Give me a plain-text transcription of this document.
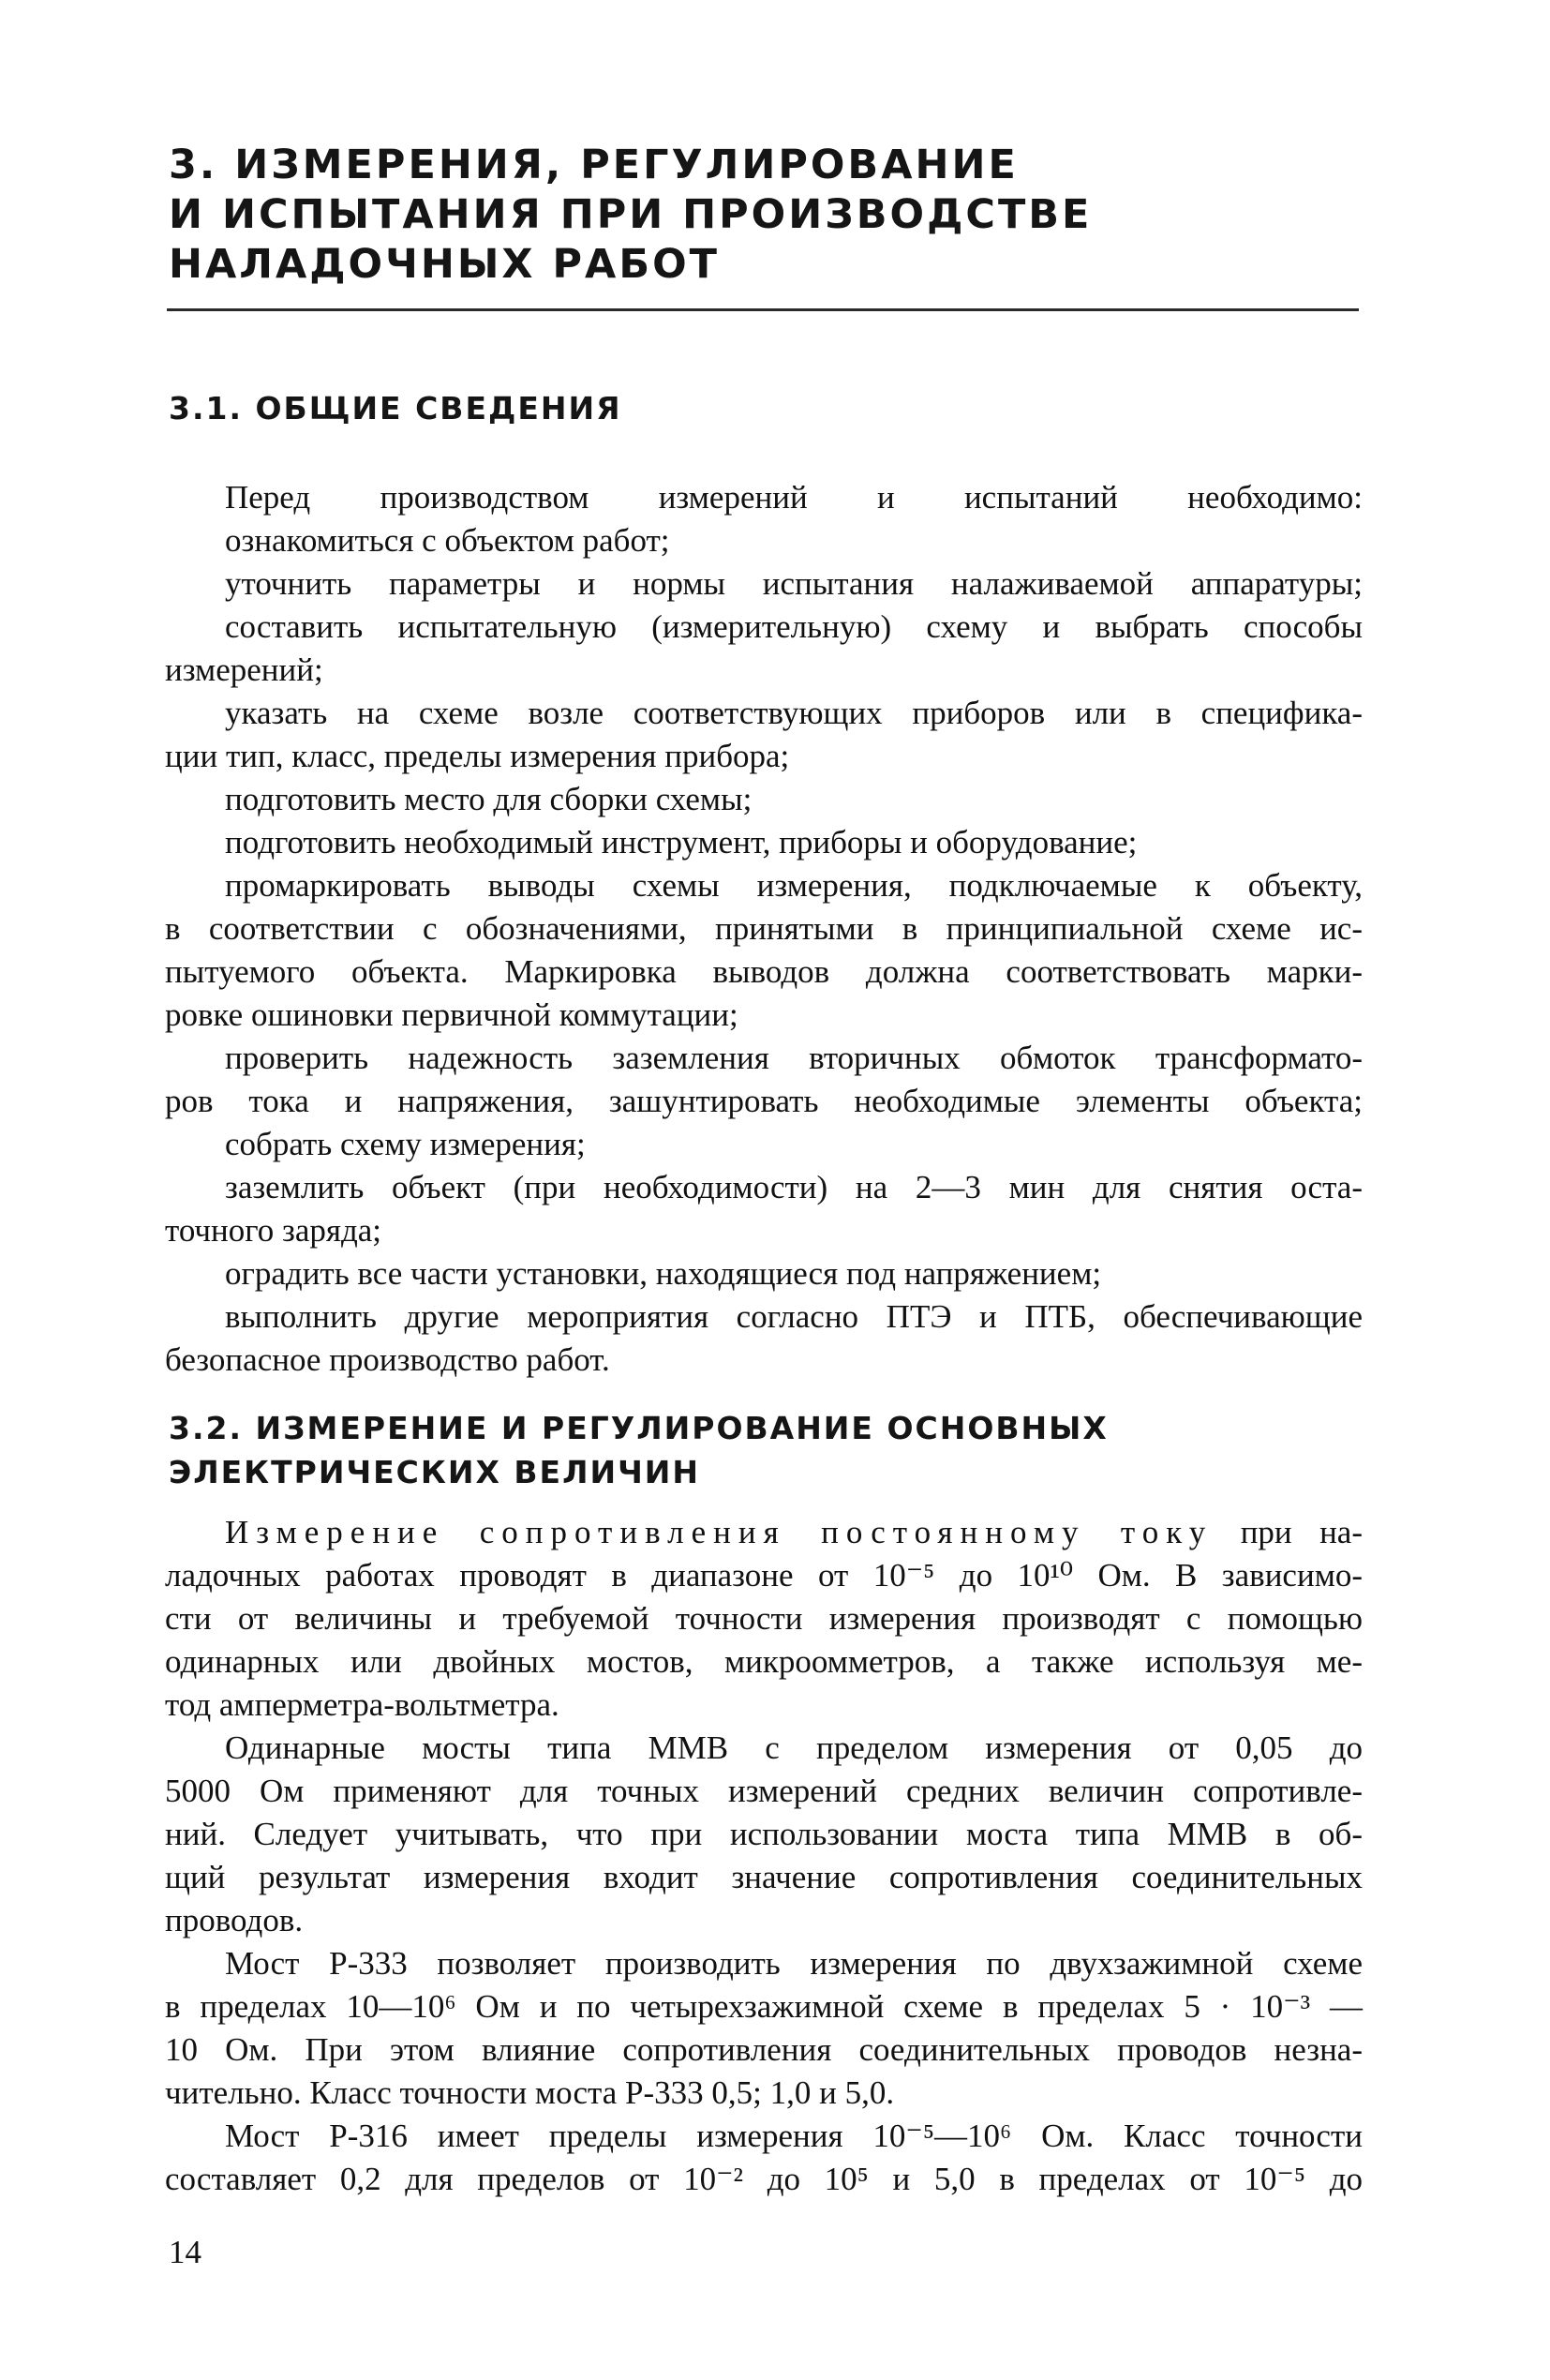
3. ИЗМЕРЕНИЯ, РЕГУЛИРОВАНИЕ
И ИСПЫТАНИЯ ПРИ ПРОИЗВОДСТВЕ
НАЛАДОЧНЫХ РАБОТ
3.1. ОБЩИЕ СВЕДЕНИЯ

Перед производством измерений и испытаний необходимо:

ознакомиться с объектом работ;

уточнить параметры и нормы испытания налаживаемой аппаратуры;

составить испытательную (измерительную) схему и выбрать способы

измерений;

указать на схеме возле соответствующих приборов или в специфика-

ции тип, класс, пределы измерения прибора;

подготовить место для сборки схемы;

подготовить необходимый инструмент, приборы и оборудование;

промаркировать выводы схемы измерения, подключаемые к объекту,

в соответствии с обозначениями, принятыми в принципиальной схеме ис-

пытуемого объекта. Маркировка выводов должна соответствовать марки-

ровке ошиновки первичной коммутации;

проверить надежность заземления вторичных обмоток трансформато-

ров тока и напряжения, зашунтировать необходимые элементы объекта;

собрать схему измерения;

заземлить объект (при необходимости) на 2—3 мин для снятия оста-

точного заряда;

оградить все части установки, находящиеся под напряжением;

выполнить другие мероприятия согласно ПТЭ и ПТБ, обеспечивающие

безопасное производство работ.

3.2. ИЗМЕРЕНИЕ И РЕГУЛИРОВАНИЕ ОСНОВНЫХ
ЭЛЕКТРИЧЕСКИХ ВЕЛИЧИН

Измерение сопротивления постоянному току при на-

ладочных работах проводят в диапазоне от 10⁻⁵ до 10¹⁰ Ом. В зависимо-

сти от величины и требуемой точности измерения производят с помощью

одинарных или двойных мостов, микроомметров, а также используя ме-

тод амперметра-вольтметра.

Одинарные мосты типа ММВ с пределом измерения от 0,05 до

5000 Ом применяют для точных измерений средних величин сопротивле-

ний. Следует учитывать, что при использовании моста типа ММВ в об-

щий результат измерения входит значение сопротивления соединительных

проводов.

Мост Р-333 позволяет производить измерения по двухзажимной схеме

в пределах 10—10⁶ Ом и по четырехзажимной схеме в пределах 5 · 10⁻³ —

10 Ом. При этом влияние сопротивления соединительных проводов незна-

чительно. Класс точности моста Р-333 0,5; 1,0 и 5,0.

Мост Р-316 имеет пределы измерения 10⁻⁵—10⁶ Ом. Класс точности

составляет 0,2 для пределов от 10⁻² до 10⁵ и 5,0 в пределах от 10⁻⁵ до

14
